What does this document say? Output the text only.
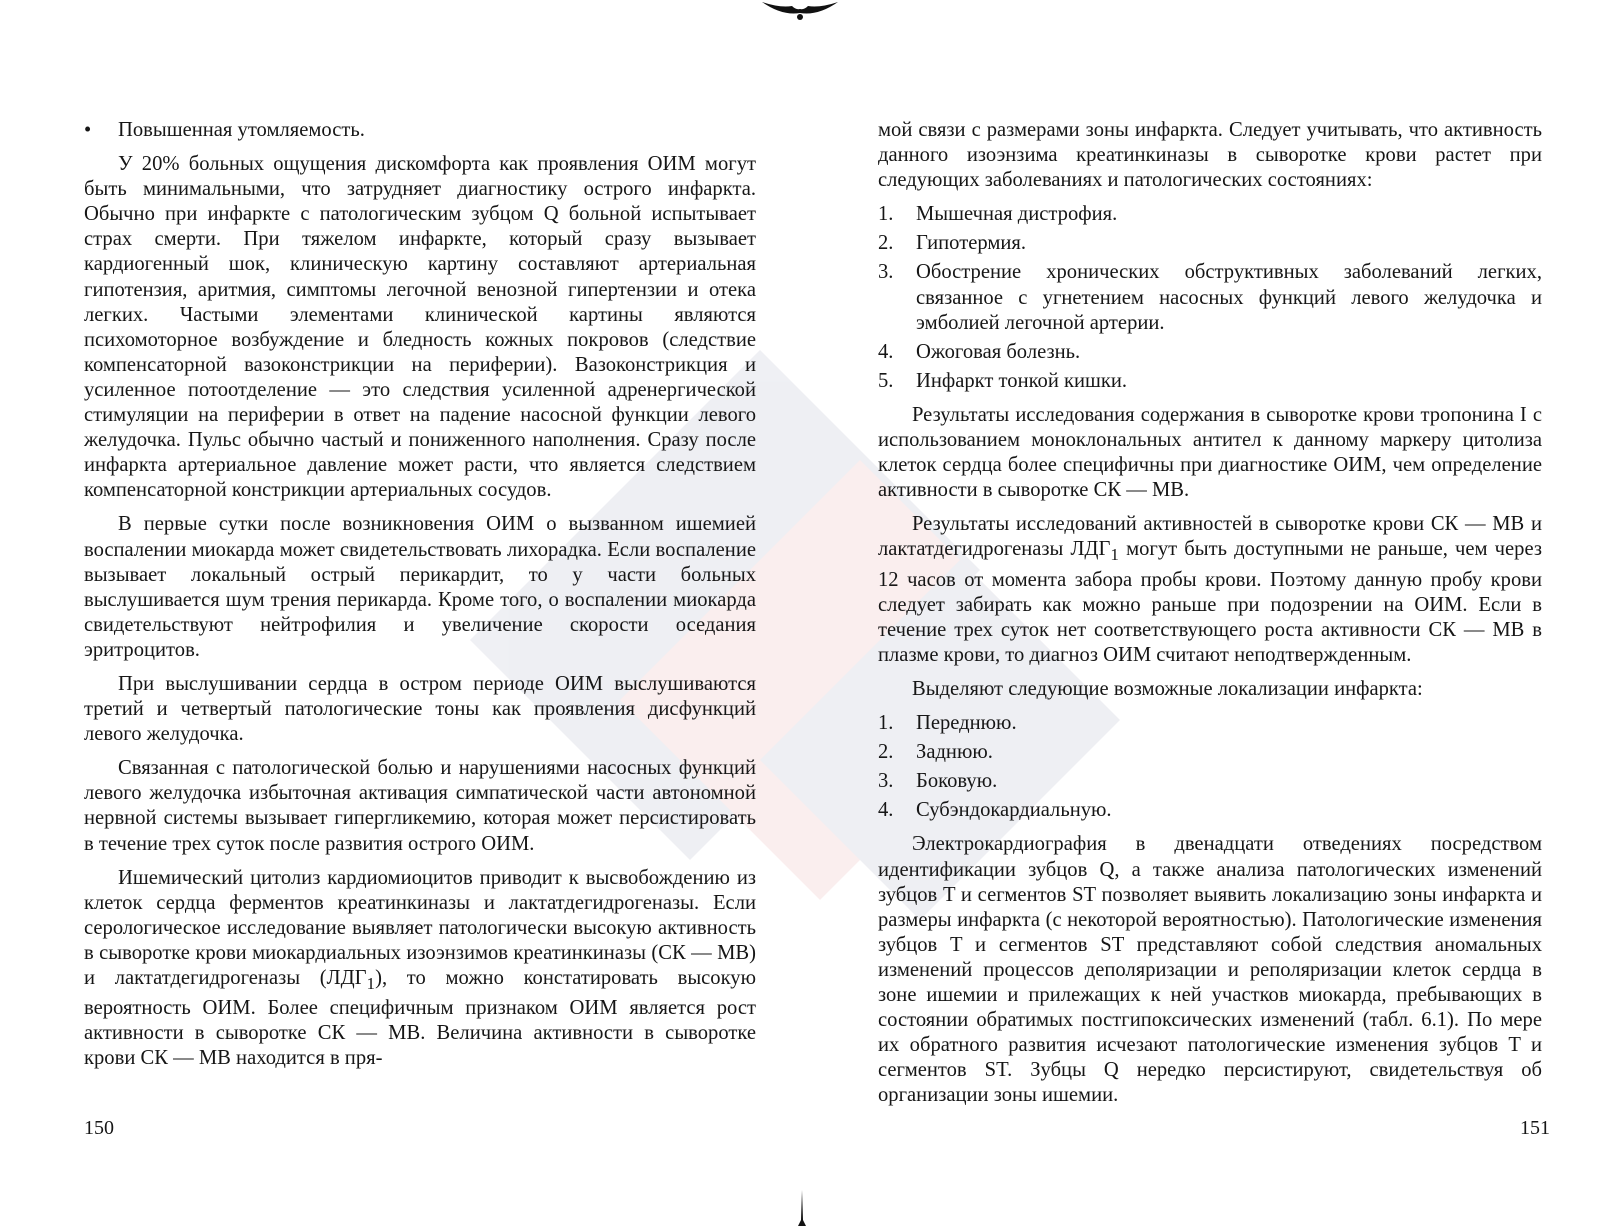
•	Повышенная утомляемость.

У 20% больных ощущения дискомфорта как проявления ОИМ могут быть минимальными, что затрудняет диагностику острого инфаркта. Обычно при инфаркте с патологическим зубцом Q больной испытывает страх смерти. При тяжелом инфаркте, который сразу вызывает кардиогенный шок, клиническую картину составляют артериальная гипотензия, аритмия, симптомы легочной венозной гипертензии и отека легких. Частыми элементами клинической картины являются психомоторное возбуждение и бледность кожных покровов (следствие компенсаторной вазоконстрикции на периферии). Вазоконстрикция и усиленное потоотделение — это следствия усиленной адренергической стимуляции на периферии в ответ на падение насосной функции левого желудочка. Пульс обычно частый и пониженного наполнения. Сразу после инфаркта артериальное давление может расти, что является следствием компенсаторной констрикции артериальных сосудов.

В первые сутки после возникновения ОИМ о вызванном ишемией воспалении миокарда может свидетельствовать лихорадка. Если воспаление вызывает локальный острый перикардит, то у части больных выслушивается шум трения перикарда. Кроме того, о воспалении миокарда свидетельствуют нейтрофилия и увеличение скорости оседания эритроцитов.

При выслушивании сердца в остром периоде ОИМ выслушиваются третий и четвертый патологические тоны как проявления дисфункций левого желудочка.

Связанная с патологической болью и нарушениями насосных функций левого желудочка избыточная активация симпатической части автономной нервной системы вызывает гипергликемию, которая может персистировать в течение трех суток после развития острого ОИМ.

Ишемический цитолиз кардиомиоцитов приводит к высвобождению из клеток сердца ферментов креатинкиназы и лактатдегидрогеназы. Если серологическое исследование выявляет патологически высокую активность в сыворотке крови миокардиальных изоэнзимов креатинкиназы (СК — МВ) и лактатдегидрогеназы $(ЛДГ_1)$, то можно констатировать высокую вероятность ОИМ. Более специфичным признаком ОИМ является рост активности в сыворотке СК — МВ. Величина активности в сыворотке крови СК — МВ находится в пря-

мой связи с размерами зоны инфаркта. Следует учитывать, что активность данного изоэнзима креатинкиназы в сыворотке крови растет при следующих заболеваниях и патологических состояниях:

1.	Мышечная дистрофия.
2.	Гипотермия.
3.	Обострение хронических обструктивных заболеваний легких, связанное с угнетением насосных функций левого желудочка и эмболией легочной артерии.
4.	Ожоговая болезнь.
5.	Инфаркт тонкой кишки.

Результаты исследования содержания в сыворотке крови тропонина I с использованием моноклональных антител к данному маркеру цитолиза клеток сердца более специфичны при диагностике ОИМ, чем определение активности в сыворотке СК — МВ.

Результаты исследований активностей в сыворотке крови СК — МВ и лактатдегидрогеназы $ЛДГ_1$ могут быть доступными не раньше, чем через 12 часов от момента забора пробы крови. Поэтому данную пробу крови следует забирать как можно раньше при подозрении на ОИМ. Если в течение трех суток нет соответствующего роста активности СК — МВ в плазме крови, то диагноз ОИМ считают неподтвержденным.

Выделяют следующие возможные локализации инфаркта:

1.	Переднюю.
2.	Заднюю.
3.	Боковую.
4.	Субэндокардиальную.

Электрокардиография в двенадцати отведениях посредством идентификации зубцов Q, а также анализа патологических изменений зубцов T и сегментов ST позволяет выявить локализацию зоны инфаркта и размеры инфаркта (с некоторой вероятностью). Патологические изменения зубцов T и сегментов ST представляют собой следствия аномальных изменений процессов деполяризации и реполяризации клеток сердца в зоне ишемии и прилежащих к ней участков миокарда, пребывающих в состоянии обратимых постгипоксических изменений (табл. 6.1). По мере их обратного развития исчезают патологические изменения зубцов T и сегментов ST. Зубцы Q нередко персистируют, свидетельствуя об организации зоны ишемии.

150	151
